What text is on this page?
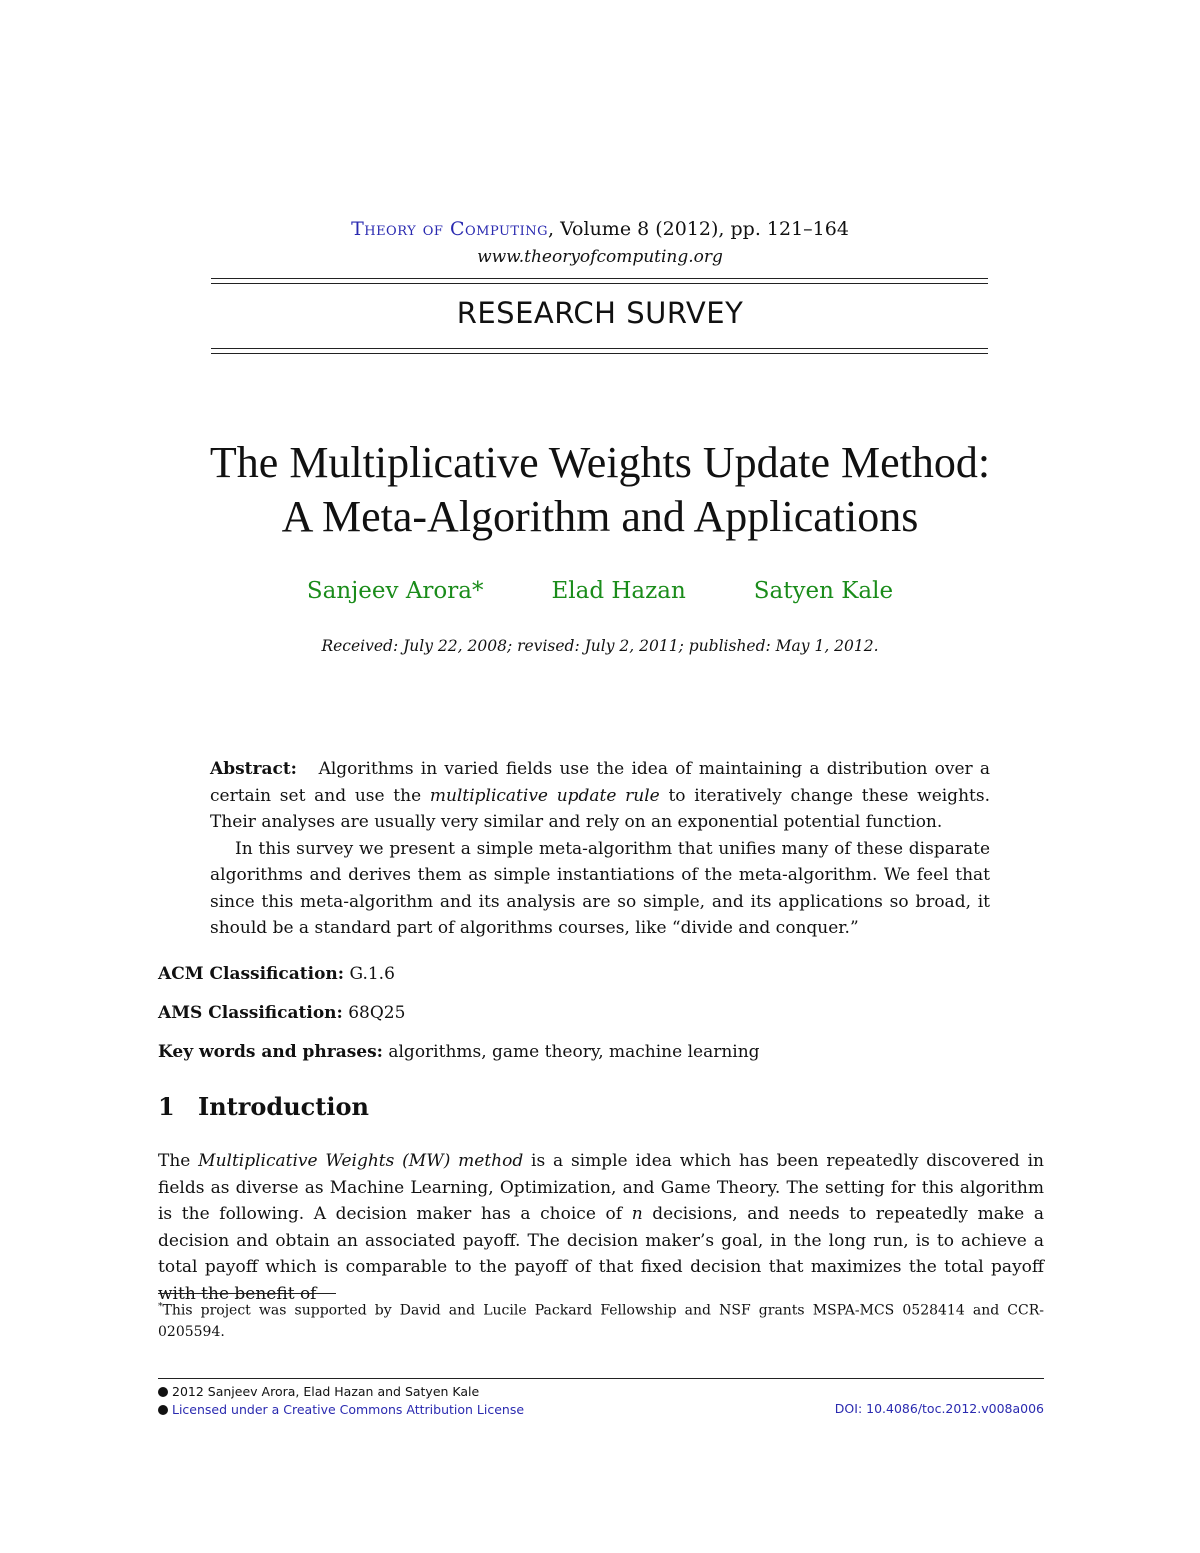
Theory of Computing, Volume 8 (2012), pp. 121–164
www.theoryofcomputing.org
RESEARCH SURVEY
The Multiplicative Weights Update Method:
A Meta-Algorithm and Applications
Sanjeev Arora*	Elad Hazan	Satyen Kale
Received: July 22, 2008; revised: July 2, 2011; published: May 1, 2012.

Abstract: Algorithms in varied fields use the idea of maintaining a distribution over a certain set and use the multiplicative update rule to iteratively change these weights. Their analyses are usually very similar and rely on an exponential potential function.

In this survey we present a simple meta-algorithm that unifies many of these disparate algorithms and derives them as simple instantiations of the meta-algorithm. We feel that since this meta-algorithm and its analysis are so simple, and its applications so broad, it should be a standard part of algorithms courses, like “divide and conquer.”

ACM Classification: G.1.6
AMS Classification: 68Q25
Key words and phrases: algorithms, game theory, machine learning
1 Introduction

The Multiplicative Weights (MW) method is a simple idea which has been repeatedly discovered in fields as diverse as Machine Learning, Optimization, and Game Theory. The setting for this algorithm is the following. A decision maker has a choice of n decisions, and needs to repeatedly make a decision and obtain an associated payoff. The decision maker’s goal, in the long run, is to achieve a total payoff which is comparable to the payoff of that fixed decision that maximizes the total payoff with the benefit of

*This project was supported by David and Lucile Packard Fellowship and NSF grants MSPA-MCS 0528414 and CCR-0205594.
2012 Sanjeev Arora, Elad Hazan and Satyen Kale
Licensed under a Creative Commons Attribution License	DOI: 10.4086/toc.2012.v008a006
